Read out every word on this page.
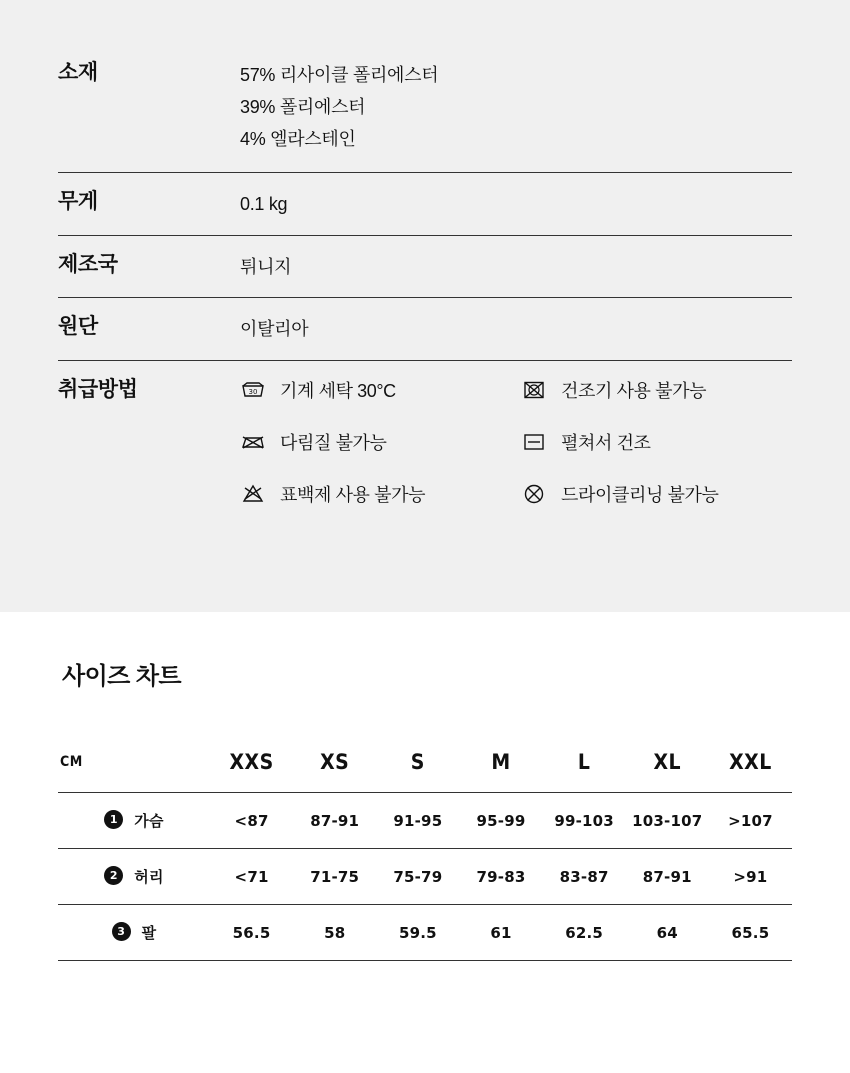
소재	57% 리사이클 폴리에스터
39% 폴리에스터
4% 엘라스테인
무게	0.1 kg
제조국	튀니지
원단	이탈리아
취급방법	30 기계 세탁 30°C	건조기 사용 불가능
다림질 불가능	펼쳐서 건조
표백제 사용 불가능	드라이클리닝 불가능
사이즈 차트
CM	XXS	XS	S	M	L	XL	XXL
1 가슴	<87	87-91	91-95	95-99	99-103	103-107	>107
2 허리	<71	71-75	75-79	79-83	83-87	87-91	>91
3 팔	56.5	58	59.5	61	62.5	64	65.5
